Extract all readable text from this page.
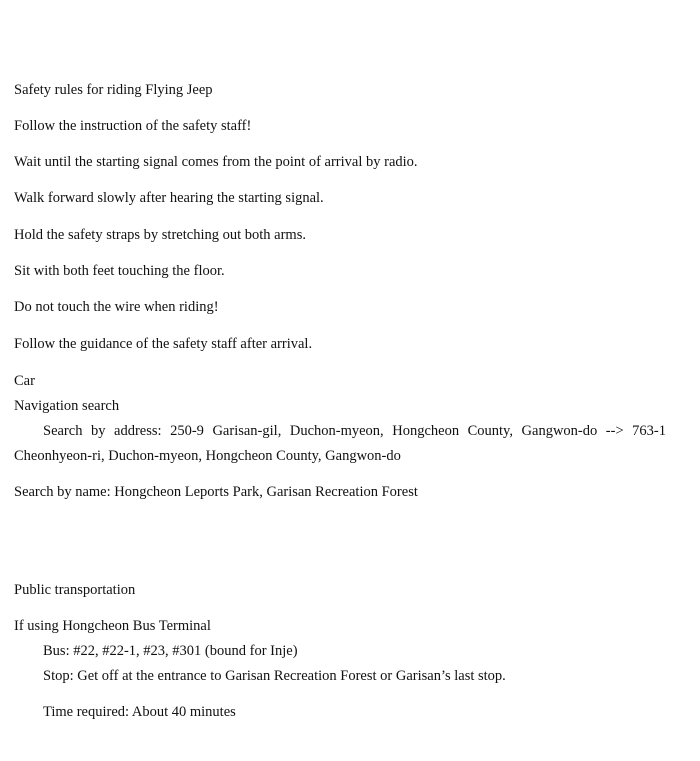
Safety rules for riding Flying Jeep
Follow the instruction of the safety staff!
Wait until the starting signal comes from the point of arrival by radio.
Walk forward slowly after hearing the starting signal.
Hold the safety straps by stretching out both arms.
Sit with both feet touching the floor.
Do not touch the wire when riding!
Follow the guidance of the safety staff after arrival.
Car
Navigation search
Search by address: 250-9 Garisan-gil, Duchon-myeon, Hongcheon County, Gangwon-do --> 763-1
Cheonhyeon-ri, Duchon-myeon, Hongcheon County, Gangwon-do
Search by name: Hongcheon Leports Park, Garisan Recreation Forest
Public transportation
If using Hongcheon Bus Terminal
Bus: #22, #22-1, #23, #301 (bound for Inje)
Stop: Get off at the entrance to Garisan Recreation Forest or Garisan’s last stop.
Time required: About 40 minutes
